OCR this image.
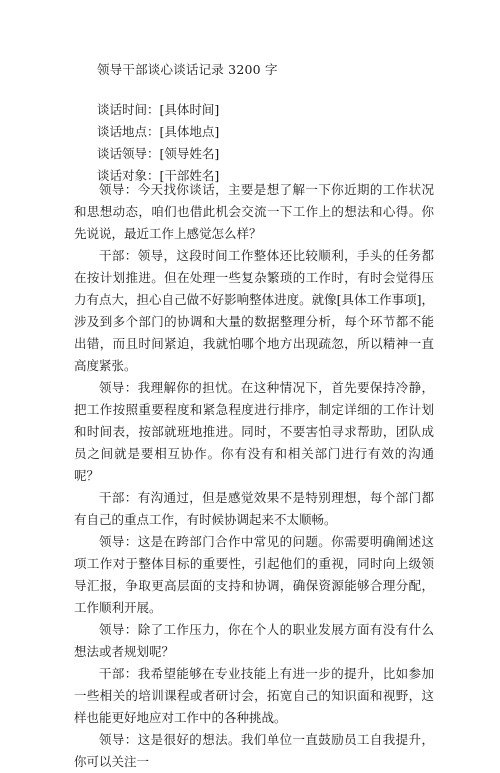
领导干部谈心谈话记录 3200 字
谈话时间：[具体时间]
谈话地点：[具体地点]
谈话领导：[领导姓名]
谈话对象：[干部姓名]

领导：今天找你谈话，主要是想了解一下你近期的工作状况和思想动态，咱们也借此机会交流一下工作上的想法和心得。你先说说，最近工作上感觉怎么样？

干部：领导，这段时间工作整体还比较顺利，手头的任务都在按计划推进。但在处理一些复杂繁琐的工作时，有时会觉得压力有点大，担心自己做不好影响整体进度。就像[具体工作事项]，涉及到多个部门的协调和大量的数据整理分析，每个环节都不能出错，而且时间紧迫，我就怕哪个地方出现疏忽，所以精神一直高度紧张。

领导：我理解你的担忧。在这种情况下，首先要保持冷静，把工作按照重要程度和紧急程度进行排序，制定详细的工作计划和时间表，按部就班地推进。同时，不要害怕寻求帮助，团队成员之间就是要相互协作。你有没有和相关部门进行有效的沟通呢？

干部：有沟通过，但是感觉效果不是特别理想，每个部门都有自己的重点工作，有时候协调起来不太顺畅。

领导：这是在跨部门合作中常见的问题。你需要明确阐述这项工作对于整体目标的重要性，引起他们的重视，同时向上级领导汇报，争取更高层面的支持和协调，确保资源能够合理分配，工作顺利开展。

领导：除了工作压力，你在个人的职业发展方面有没有什么想法或者规划呢？

干部：我希望能够在专业技能上有进一步的提升，比如参加一些相关的培训课程或者研讨会，拓宽自己的知识面和视野，这样也能更好地应对工作中的各种挑战。

领导：这是很好的想法。我们单位一直鼓励员工自我提升，你可以关注一
